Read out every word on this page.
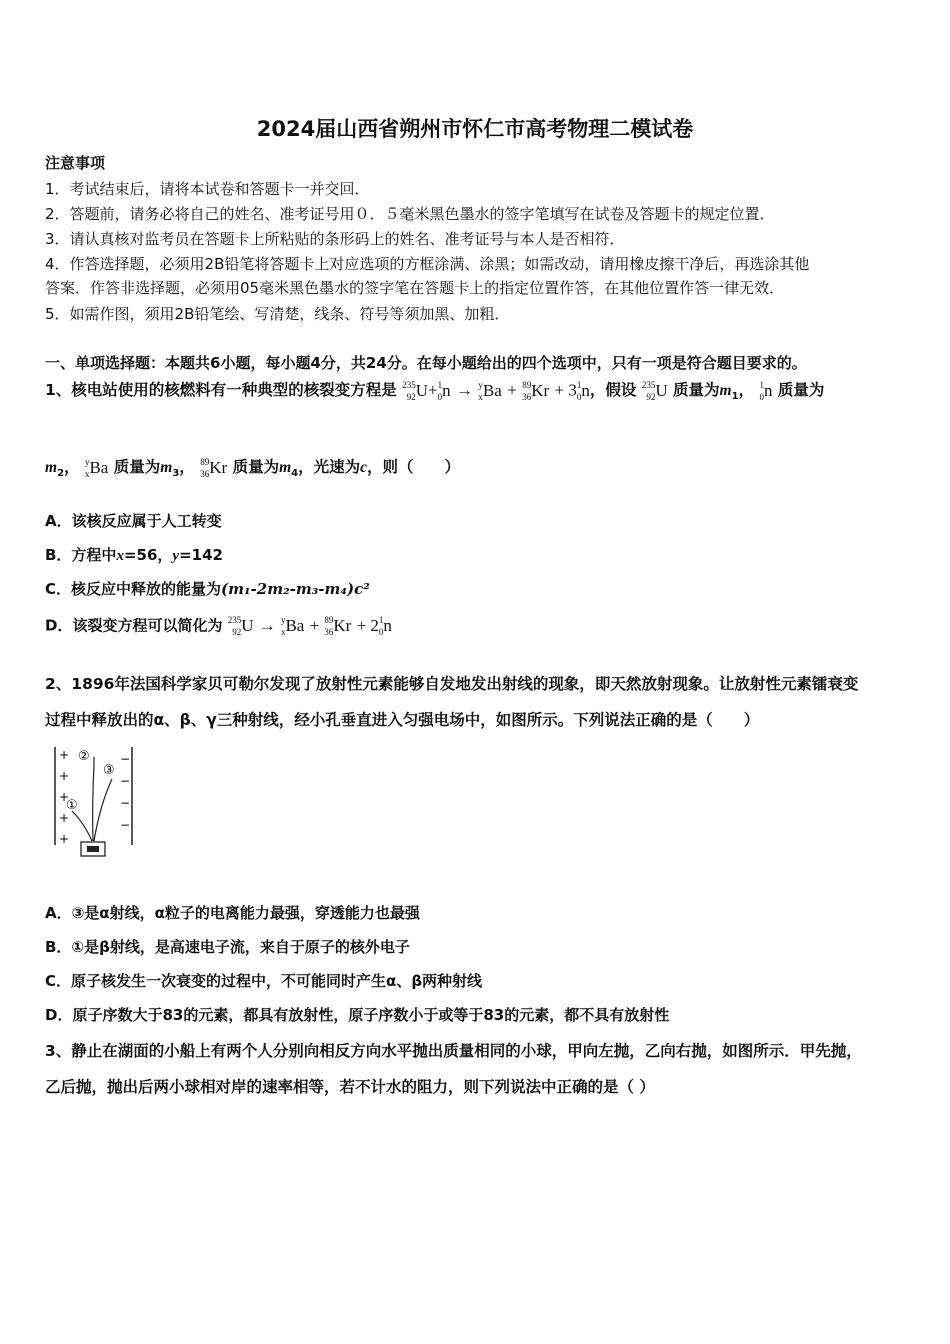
2024届山西省朔州市怀仁市高考物理二模试卷
注意事项
1．考试结束后，请将本试卷和答题卡一并交回．
2．答题前，请务必将自己的姓名、准考证号用０．５毫米黑色墨水的签字笔填写在试卷及答题卡的规定位置．
3．请认真核对监考员在答题卡上所粘贴的条形码上的姓名、准考证号与本人是否相符．
4．作答选择题，必须用2B铅笔将答题卡上对应选项的方框涂满、涂黑；如需改动，请用橡皮擦干净后，再选涂其他
答案．作答非选择题，必须用05毫米黑色墨水的签字笔在答题卡上的指定位置作答，在其他位置作答一律无效．
5．如需作图，须用2B铅笔绘、写清楚，线条、符号等须加黑、加粗．
一、单项选择题：本题共6小题，每小题4分，共24分。在每小题给出的四个选项中，只有一项是符合题目要求的。
1、核电站使用的核燃料有一种典型的核裂变方程是 235
92U+1
0n → y
xBa + 89
36Kr + 31
0n，假设 235
92U 质量为$m_1$， 1
0n 质量为
$m_2$， y
xBa 质量为$m_3$， 89
36Kr 质量为$m_4$，光速为c，则（　　）
A．该核反应属于人工转变
B．方程中x=56，y=142
C．核反应中释放的能量为(m₁-2m₂-m₃-m₄)c²
D．该裂变方程可以简化为 235
92U → y
xBa + 89
36Kr + 21
0n
2、1896年法国科学家贝可勒尔发现了放射性元素能够自发地发出射线的现象，即天然放射现象。让放射性元素镭衰变
过程中释放出的α、β、γ三种射线，经小孔垂直进入匀强电场中，如图所示。下列说法正确的是（　　）
+
+
+
+
+
−
−
−
−
②
③
①
A．③是α射线，α粒子的电离能力最强，穿透能力也最强
B．①是β射线，是高速电子流，来自于原子的核外电子
C．原子核发生一次衰变的过程中，不可能同时产生α、β两种射线
D．原子序数大于83的元素，都具有放射性，原子序数小于或等于83的元素，都不具有放射性
3、静止在湖面的小船上有两个人分别向相反方向水平抛出质量相同的小球，甲向左抛，乙向右抛，如图所示．甲先抛，
乙后抛，抛出后两小球相对岸的速率相等，若不计水的阻力，则下列说法中正确的是（ ）
